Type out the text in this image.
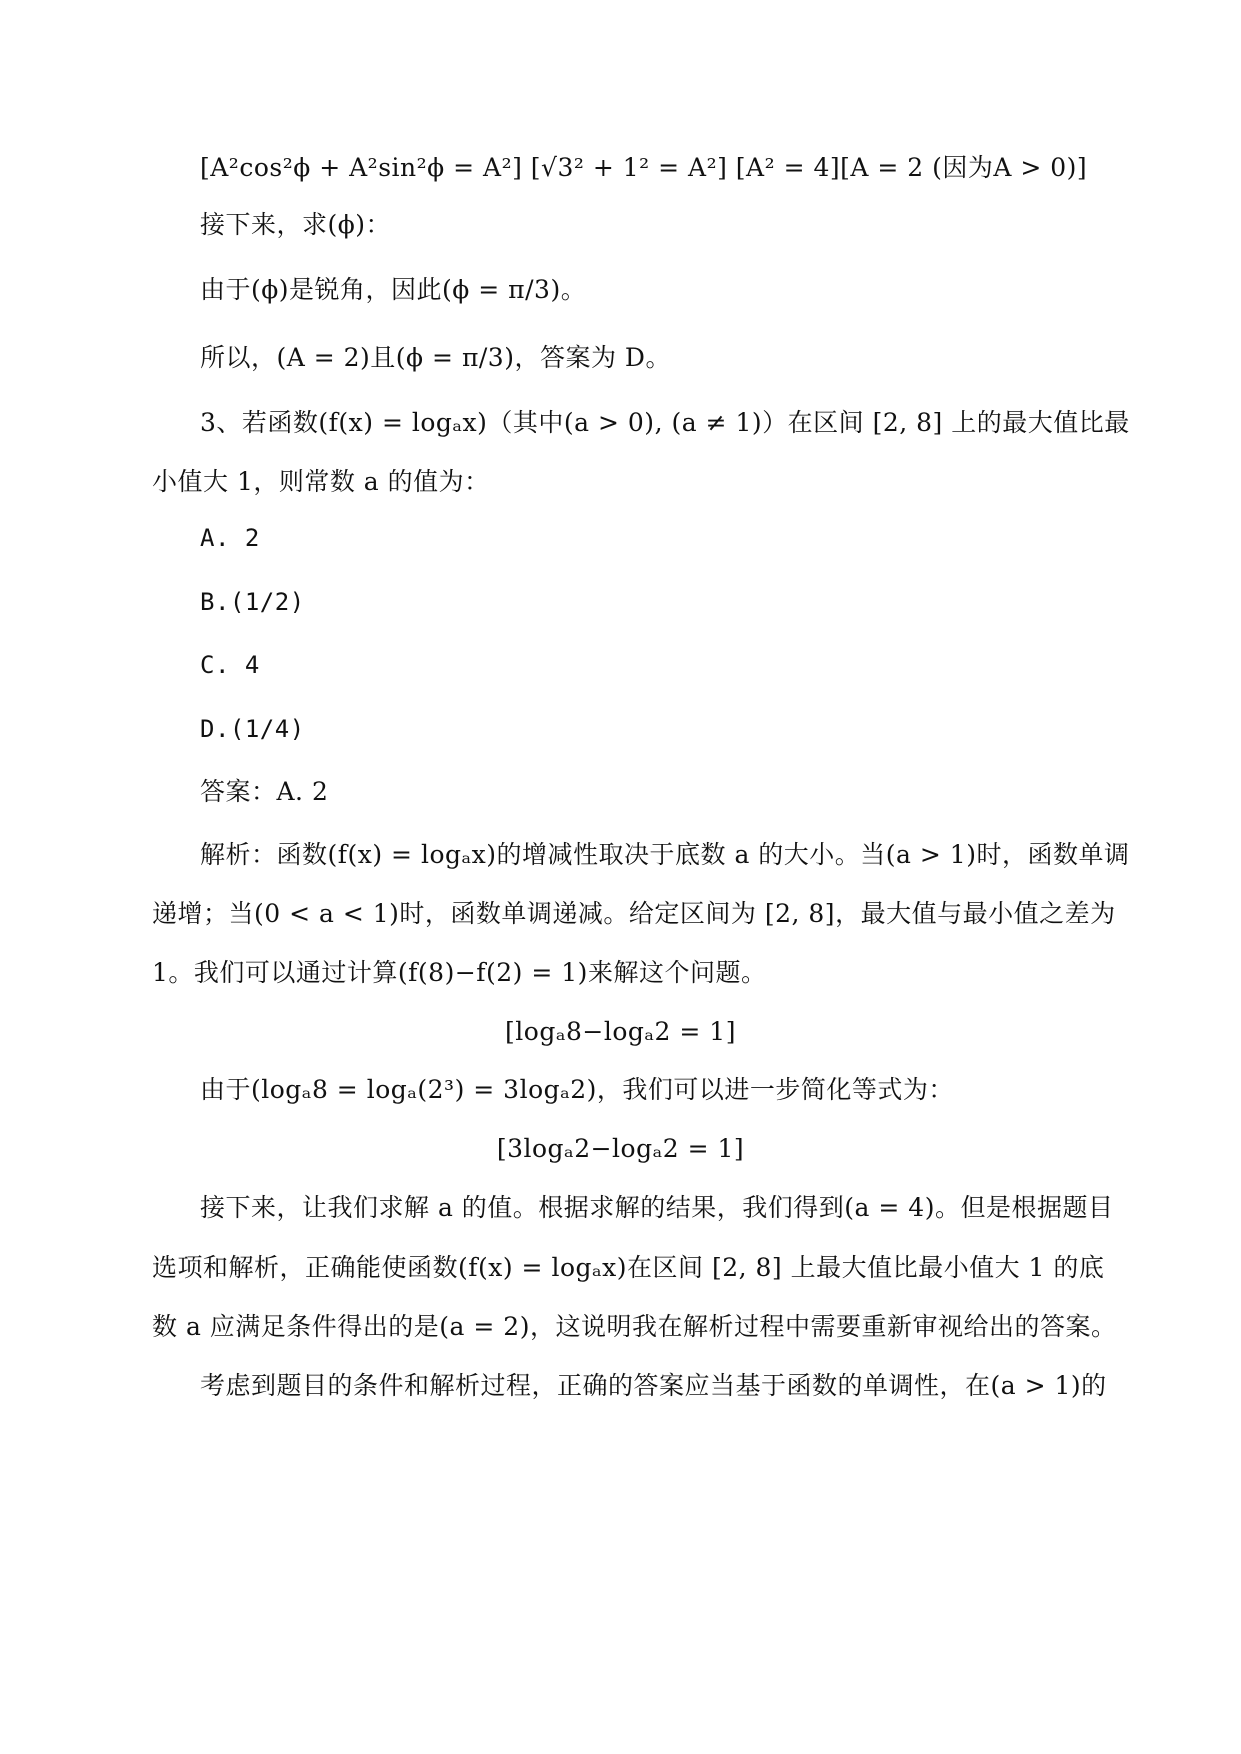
[A²cos²ϕ + A²sin²ϕ = A²] [√3² + 1² = A²] [A² = 4][A = 2 (因为A > 0)]
接下来，求(ϕ)：
由于(ϕ)是锐角，因此(ϕ = π/3)。
所以，(A = 2)且(ϕ = π/3)，答案为 D。
3、若函数(f(x) = logₐx)（其中(a > 0), (a ≠ 1)）在区间 [2, 8] 上的最大值比最
小值大 1，则常数 a 的值为：
A. 2
B.(1/2)
C. 4
D.(1/4)
答案：A. 2
解析：函数(f(x) = logₐx)的增减性取决于底数 a 的大小。当(a > 1)时，函数单调
递增；当(0 < a < 1)时，函数单调递减。给定区间为 [2, 8]，最大值与最小值之差为
1。我们可以通过计算(f(8)−f(2) = 1)来解这个问题。
[logₐ8−logₐ2 = 1]
由于(logₐ8 = logₐ(2³) = 3logₐ2)，我们可以进一步简化等式为：
[3logₐ2−logₐ2 = 1]
接下来，让我们求解 a 的值。根据求解的结果，我们得到(a = 4)。但是根据题目
选项和解析，正确能使函数(f(x) = logₐx)在区间 [2, 8] 上最大值比最小值大 1 的底
数 a 应满足条件得出的是(a = 2)，这说明我在解析过程中需要重新审视给出的答案。
考虑到题目的条件和解析过程，正确的答案应当基于函数的单调性，在(a > 1)的
